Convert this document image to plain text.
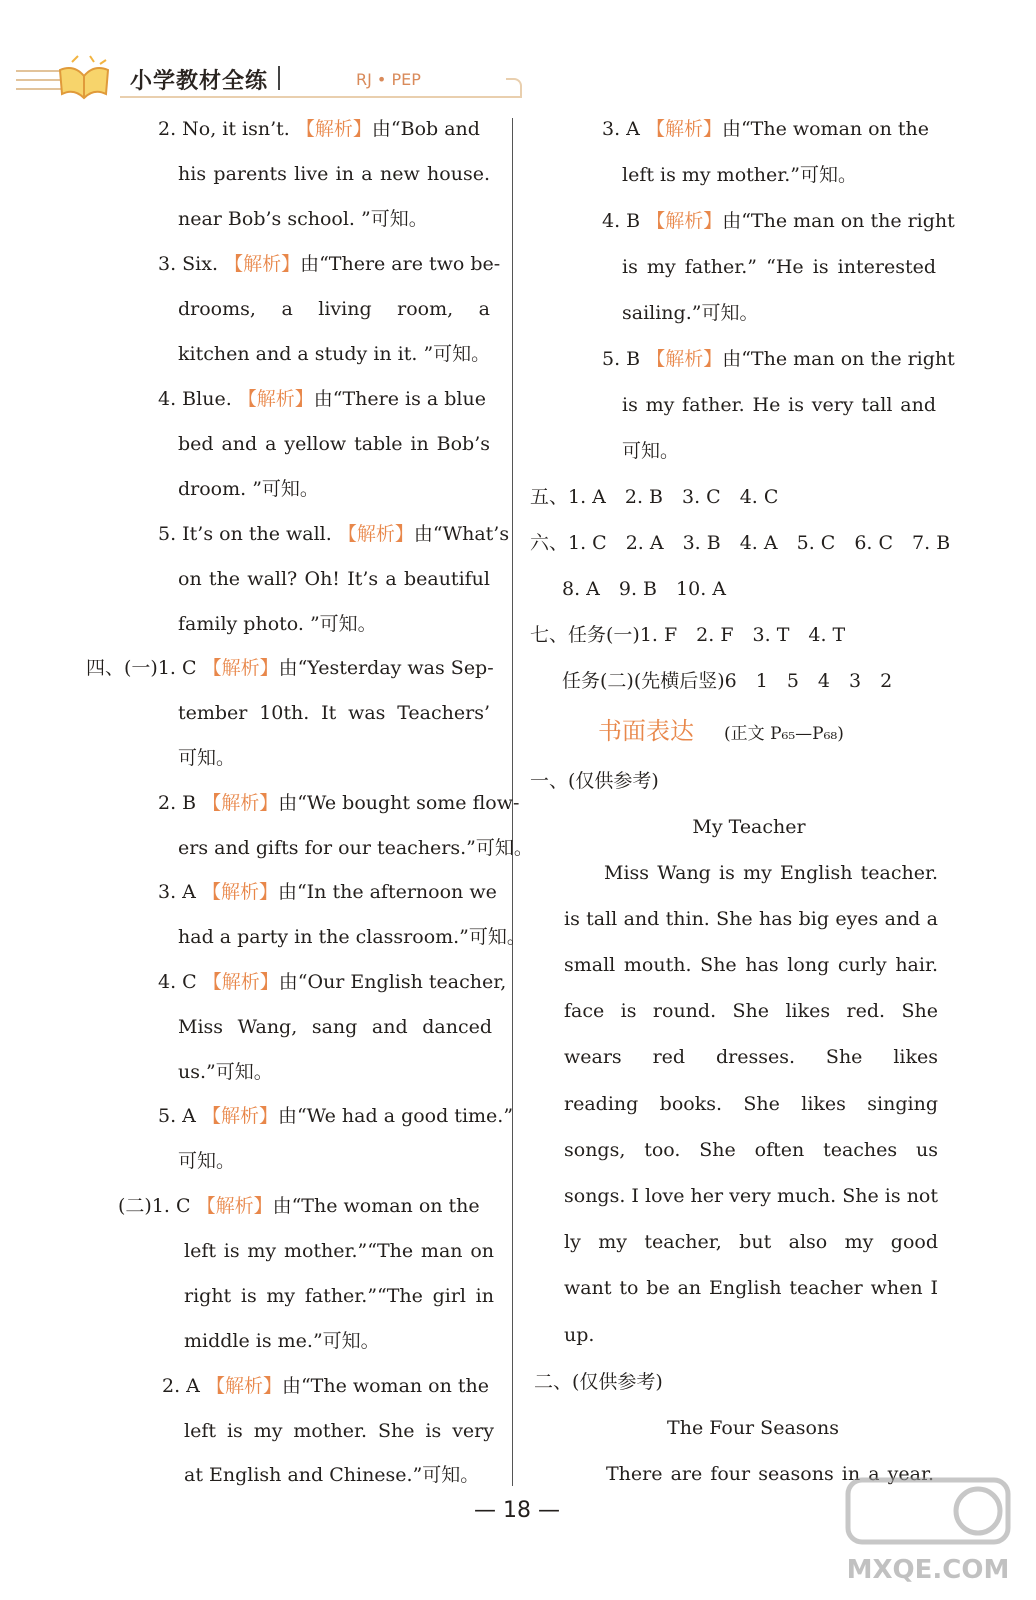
小学教材全练	RJ • PEP
2. No, it isn’t. 【解析】由“Bob and
his parents live in a new house.
near Bob’s school. ”可知。
3. Six. 【解析】由“There are two be-
drooms, a living room, a
kitchen and a study in it. ”可知。
4. Blue. 【解析】由“There is a blue
bed and a yellow table in Bob’s
droom. ”可知。
5. It’s on the wall. 【解析】由“What’s
on the wall? Oh! It’s a beautiful
family photo. ”可知。
四、(一)1. C 【解析】由“Yesterday was Sep-
tember 10th. It was Teachers’
可知。
2. B 【解析】由“We bought some flow-
ers and gifts for our teachers.”可知。
3. A 【解析】由“In the afternoon we
had a party in the classroom.”可知。
4. C 【解析】由“Our English teacher,
Miss Wang, sang and danced
us.”可知。
5. A 【解析】由“We had a good time.”
可知。
(二)1. C 【解析】由“The woman on the
left is my mother.”“The man on
right is my father.”“The girl in
middle is me.”可知。
2. A 【解析】由“The woman on the
left is my mother. She is very
at English and Chinese.”可知。
3. A 【解析】由“The woman on the
left is my mother.”可知。
4. B 【解析】由“The man on the right
is my father.” “He is interested
sailing.”可知。
5. B 【解析】由“The man on the right
is my father. He is very tall and
可知。
五、1. A　2. B　3. C　4. C
六、1. C　2. A　3. B　4. A　5. C　6. C　7. B
8. A　9. B　10. A
七、任务(一)1. F　2. F　3. T　4. T
任务(二)(先横后竖)6　1　5　4　3　2
书面表达 (正文 P₆₅—P₆₈)
一、(仅供参考)
My Teacher
Miss Wang is my English teacher.
is tall and thin. She has big eyes and a
small mouth. She has long curly hair.
face is round. She likes red. She
wears red dresses. She likes
reading books. She likes singing
songs, too. She often teaches us
songs. I love her very much. She is not
ly my teacher, but also my good
want to be an English teacher when I
up.
二、(仅供参考)
The Four Seasons
There are four seasons in a year.
— 18 —
MXQE.COM
